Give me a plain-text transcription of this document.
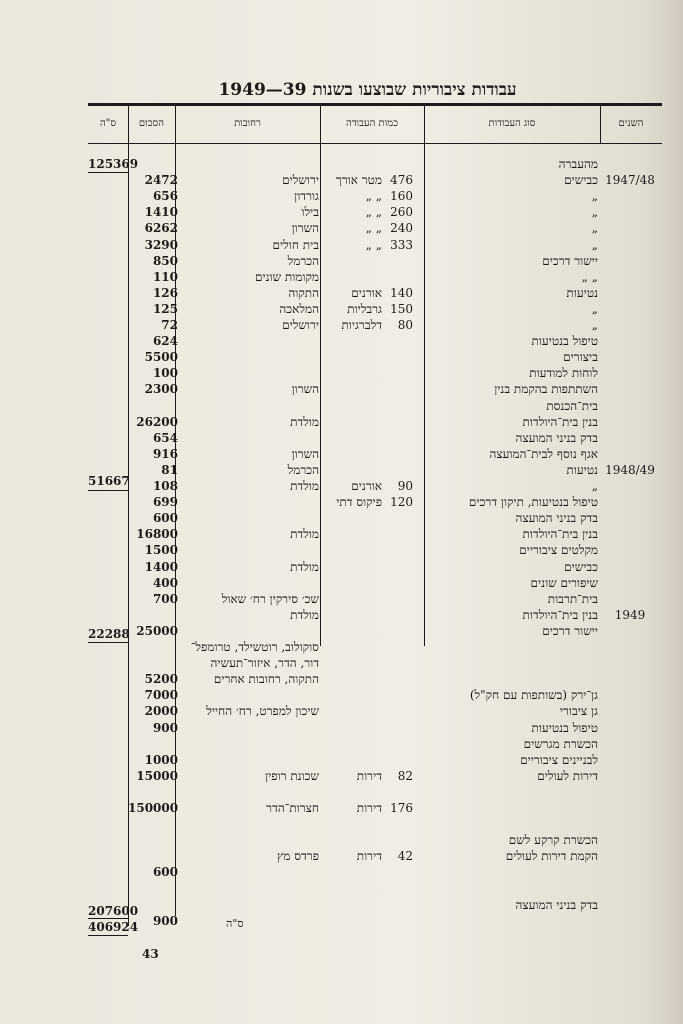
עבודות ציבוריות שבוצעו בשנות 39—1949
השנים
סוג העבודות
כמות העבודה
רחובות
הסכום
ס"ה
מהעברה
1947/48
כבישים
476
מטר אורך
ירושלים
2472
„
160
„ „
גורדון
656
„
260
„ „
בילו
1410
„
240
„ „
השרון
6262
„
333
„ „
בית חולים
3290
יישור דרכים
הכרמל
850
„ „
מקומות שונים
110
נטיעות
140
אורנים
התקוה
126
„
150
גרבליות
המלאכה
125
„
80
דלברגיות
ירושלים
72
טיפול בנטיעות
624
ביצורים
5500
לוחות למודעות
100
השתתפות בהקמת בנין
השרון
2300
בית־הכנסת
בנין בית־היולדות
מולדת
26200
בדק בניני המועצה
654
אגף נוסף לבית־המועצה
השרון
916
1948/49
נטיעות
הכרמל
81
„
90
אורנים
מולדת
108
טיפול בנטיעות, תיקון דרכים
120
פיקוס דתי
699
בדק בניני המועצה
600
בנין בית־היולדות
מולדת
16800
מקלטים ציבוריים
1500
כבישים
מולדת
1400
שיפורים שונים
400
בית־תרבות
שכ׳ סירקין רח׳ שאול
700
1949
בנין בית־היולדות
מולדת
יישור דרכים
25000
סוקולוב, רוטשילד, טרומפל־
דור, הדר, איזור־תעשיה
התקוה, רחובות אחרים
5200
גן־ירק (בשותפות עם חק"ל)
7000
גן ציבורי
שיכון למפרט, רח׳ החייל
2000
טיפול בנטיעות
900
הכשרת מגרשים
לבניינים ציבוריים
1000
דירות לעולים
82
דירות
שכונת רופין
15000
176
דירות
חצרות־הדר
150000
הכשרת קרקע לשם
הקמת דירות לעולים
42
דירות
פרדס מץ
600
בדק בניני המועצה
900
125369
51667
22288
207600
406924	ס"ה
43
